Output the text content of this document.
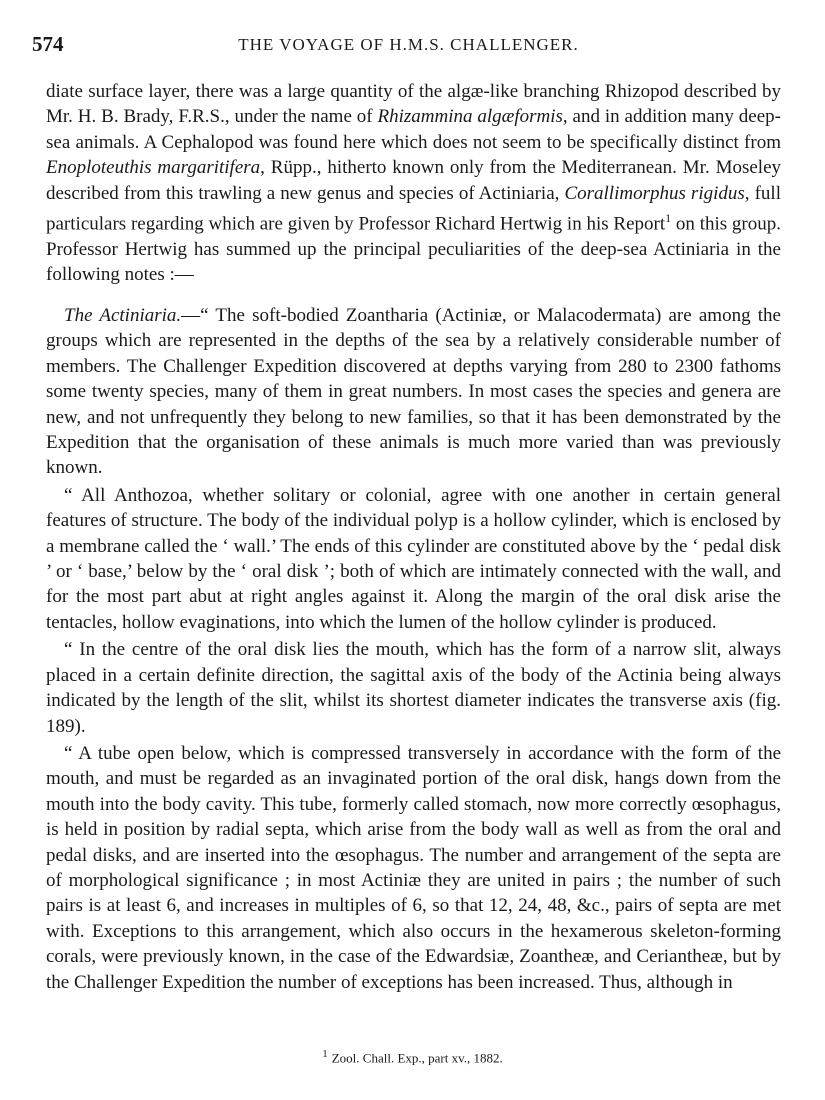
574	THE VOYAGE OF H.M.S. CHALLENGER.

diate surface layer, there was a large quantity of the algæ-like branching Rhizopod described by Mr. H. B. Brady, F.R.S., under the name of Rhizammina algæformis, and in addition many deep-sea animals. A Cephalopod was found here which does not seem to be specifically distinct from Enoploteuthis margaritifera, Rüpp., hitherto known only from the Mediterranean. Mr. Moseley described from this trawling a new genus and species of Actiniaria, Corallimorphus rigidus, full particulars regarding which are given by Professor Richard Hertwig in his Report$^1$ on this group. Professor Hertwig has summed up the principal peculiarities of the deep-sea Actiniaria in the following notes :—

The Actiniaria.—“ The soft-bodied Zoantharia (Actiniæ, or Malacodermata) are among the groups which are represented in the depths of the sea by a relatively considerable number of members. The Challenger Expedition discovered at depths varying from 280 to 2300 fathoms some twenty species, many of them in great numbers. In most cases the species and genera are new, and not unfrequently they belong to new families, so that it has been demonstrated by the Expedition that the organisation of these animals is much more varied than was previously known.

“ All Anthozoa, whether solitary or colonial, agree with one another in certain general features of structure. The body of the individual polyp is a hollow cylinder, which is enclosed by a membrane called the ‘ wall.’ The ends of this cylinder are constituted above by the ‘ pedal disk ’ or ‘ base,’ below by the ‘ oral disk ’; both of which are intimately connected with the wall, and for the most part abut at right angles against it. Along the margin of the oral disk arise the tentacles, hollow evaginations, into which the lumen of the hollow cylinder is produced.

“ In the centre of the oral disk lies the mouth, which has the form of a narrow slit, always placed in a certain definite direction, the sagittal axis of the body of the Actinia being always indicated by the length of the slit, whilst its shortest diameter indicates the transverse axis (fig. 189).

“ A tube open below, which is compressed transversely in accordance with the form of the mouth, and must be regarded as an invaginated portion of the oral disk, hangs down from the mouth into the body cavity. This tube, formerly called stomach, now more correctly œsophagus, is held in position by radial septa, which arise from the body wall as well as from the oral and pedal disks, and are inserted into the œsophagus. The number and arrangement of the septa are of morphological significance ; in most Actiniæ they are united in pairs ; the number of such pairs is at least 6, and increases in multiples of 6, so that 12, 24, 48, &c., pairs of septa are met with. Exceptions to this arrangement, which also occurs in the hexamerous skeleton-forming corals, were previously known, in the case of the Edwardsiæ, Zoantheæ, and Cerianthеæ, but by the Challenger Expedition the number of exceptions has been increased. Thus, although in

$^1$ Zool. Chall. Exp., part xv., 1882.
